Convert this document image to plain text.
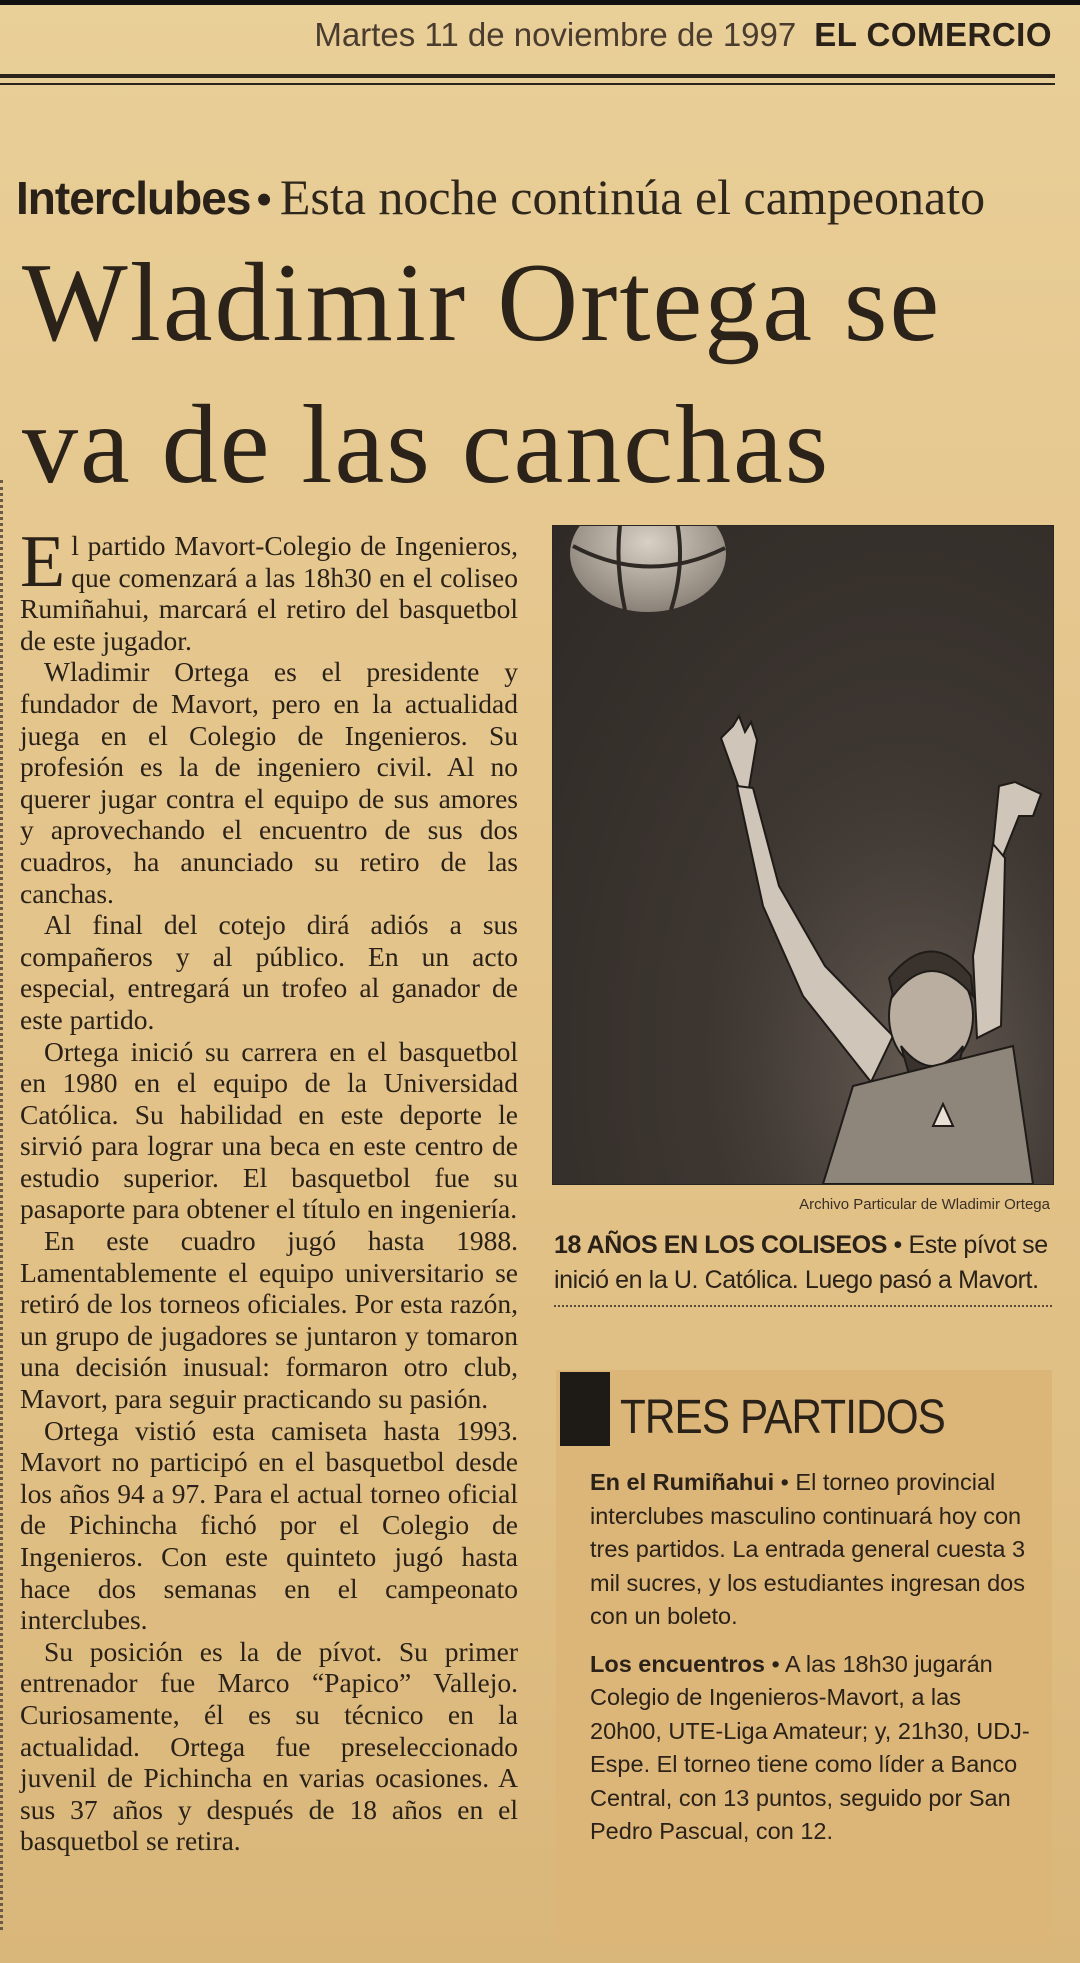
Martes 11 de noviembre de 1997 EL COMERCIO
Interclubes • Esta noche continúa el campeonato
Wladimir Ortega se
va de las canchas

El partido Mavort-Colegio de Ingenieros, que comenzará a las 18h30 en el coliseo Rumiñahui, marcará el retiro del basquetbol de este jugador.

Wladimir Ortega es el presidente y fundador de Mavort, pero en la actualidad juega en el Colegio de Ingenieros. Su profesión es la de ingeniero civil. Al no querer jugar contra el equipo de sus amores y aprovechando el encuentro de sus dos cuadros, ha anunciado su retiro de las canchas.

Al final del cotejo dirá adiós a sus compañeros y al público. En un acto especial, entregará un trofeo al ganador de este partido.

Ortega inició su carrera en el basquetbol en 1980 en el equipo de la Universidad Católica. Su habilidad en este deporte le sirvió para lograr una beca en este centro de estudio superior. El basquetbol fue su pasaporte para obtener el título en ingeniería.

En este cuadro jugó hasta 1988. Lamentablemente el equipo universitario se retiró de los torneos oficiales. Por esta razón, un grupo de jugadores se juntaron y tomaron una decisión inusual: formaron otro club, Mavort, para seguir practicando su pasión.

Ortega vistió esta camiseta hasta 1993. Mavort no participó en el basquetbol desde los años 94 a 97. Para el actual torneo oficial de Pichincha fichó por el Colegio de Ingenieros. Con este quinteto jugó hasta hace dos semanas en el campeonato interclubes.

Su posición es la de pívot. Su primer entrenador fue Marco “Papico” Vallejo. Curiosamente, él es su técnico en la actualidad. Ortega fue preseleccionado juvenil de Pichincha en varias ocasiones. A sus 37 años y después de 18 años en el basquetbol se retira.

Archivo Particular de Wladimir Ortega
18 AÑOS EN LOS COLISEOS • Este pívot se inició en la U. Católica. Luego pasó a Mavort.
TRES PARTIDOS

En el Rumiñahui • El torneo provincial interclubes masculino continuará hoy con tres partidos. La entrada general cuesta 3 mil sucres, y los estudiantes ingresan dos con un boleto.

Los encuentros • A las 18h30 jugarán Colegio de Ingenieros-Mavort, a las 20h00, UTE-Liga Amateur; y, 21h30, UDJ-Espe. El torneo tiene como líder a Banco Central, con 13 puntos, seguido por San Pedro Pascual, con 12.
